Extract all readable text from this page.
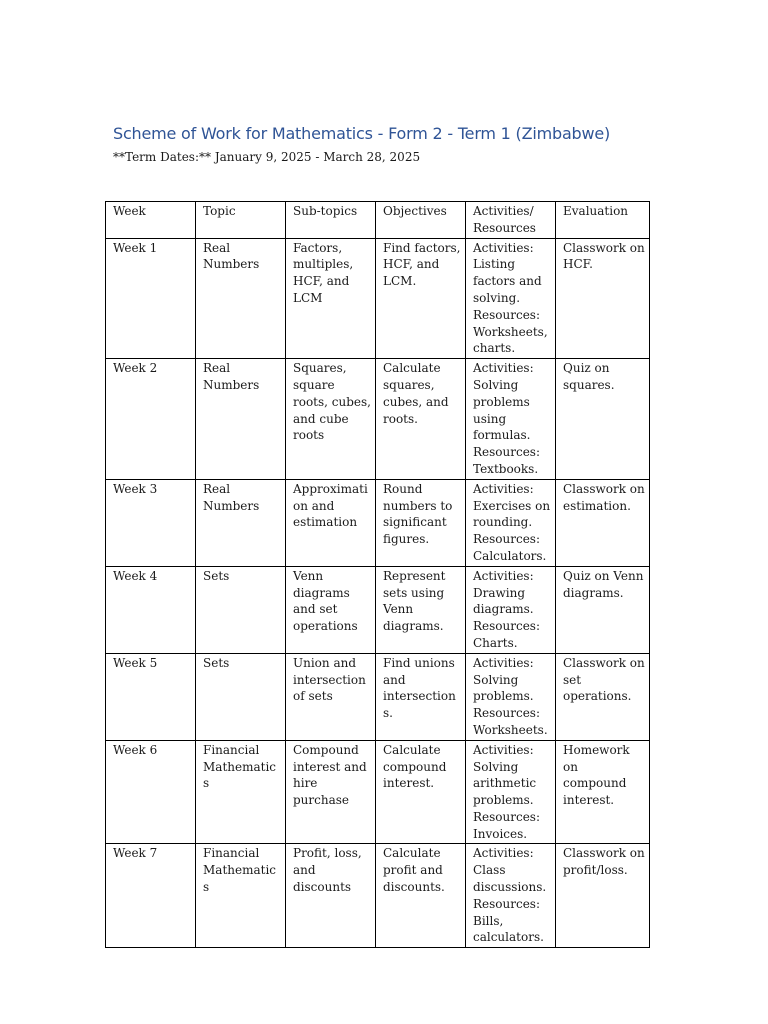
Scheme of Work for Mathematics - Form 2 - Term 1 (Zimbabwe)

**Term Dates:** January 9, 2025 - March 28, 2025

Week	Topic	Sub-topics	Objectives	Activities/ Resources	Evaluation
Week 1	Real Numbers	Factors, multiples, HCF, and LCM	Find factors, HCF, and LCM.	Activities: Listing factors and solving. Resources: Worksheets, charts.	Classwork on HCF.
Week 2	Real Numbers	Squares, square roots, cubes, and cube roots	Calculate squares, cubes, and roots.	Activities: Solving problems using formulas. Resources: Textbooks.	Quiz on squares.
Week 3	Real Numbers	Approximati on and estimation	Round numbers to significant figures.	Activities: Exercises on rounding. Resources: Calculators.	Classwork on estimation.
Week 4	Sets	Venn diagrams and set operations	Represent sets using Venn diagrams.	Activities: Drawing diagrams. Resources: Charts.	Quiz on Venn diagrams.
Week 5	Sets	Union and intersection of sets	Find unions and intersection s.	Activities: Solving problems. Resources: Worksheets.	Classwork on set operations.
Week 6	Financial Mathematics	Compound interest and hire purchase	Calculate compound interest.	Activities: Solving arithmetic problems. Resources: Invoices.	Homework on compound interest.
Week 7	Financial Mathematics	Profit, loss, and discounts	Calculate profit and discounts.	Activities: Class discussions. Resources: Bills, calculators.	Classwork on profit/loss.
